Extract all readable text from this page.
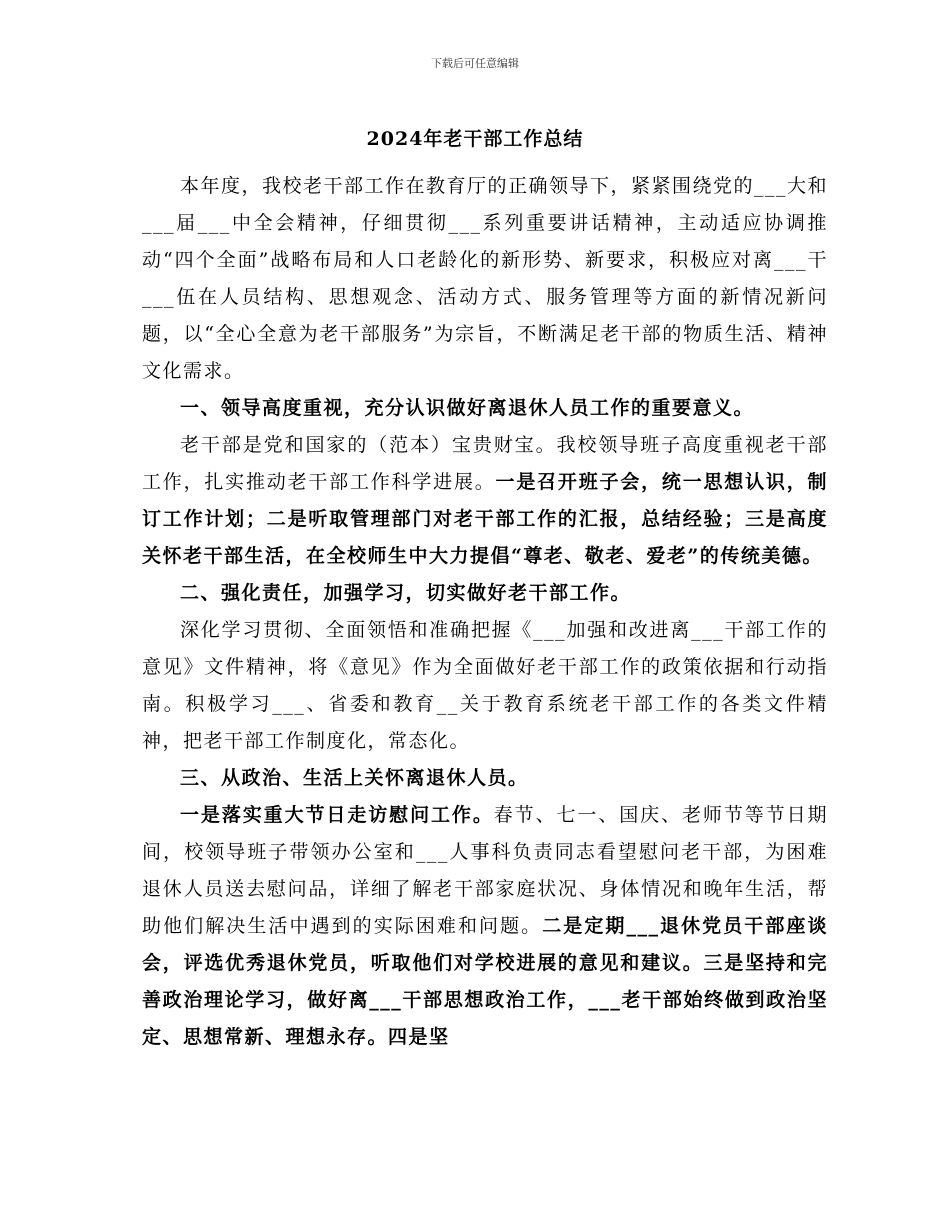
下载后可任意编辑
2024年老干部工作总结

本年度，我校老干部工作在教育厅的正确领导下，紧紧围绕党的___大和___届___中全会精神，仔细贯彻___系列重要讲话精神，主动适应协调推动“四个全面”战略布局和人口老龄化的新形势、新要求，积极应对离___干___伍在人员结构、思想观念、活动方式、服务管理等方面的新情况新问题，以“全心全意为老干部服务”为宗旨，不断满足老干部的物质生活、精神文化需求。

一、领导高度重视，充分认识做好离退休人员工作的重要意义。

老干部是党和国家的（范本）宝贵财宝。我校领导班子高度重视老干部工作，扎实推动老干部工作科学进展。一是召开班子会，统一思想认识，制订工作计划；二是听取管理部门对老干部工作的汇报，总结经验；三是高度关怀老干部生活，在全校师生中大力提倡“尊老、敬老、爱老”的传统美德。

二、强化责任，加强学习，切实做好老干部工作。

深化学习贯彻、全面领悟和准确把握《___加强和改进离___干部工作的意见》文件精神，将《意见》作为全面做好老干部工作的政策依据和行动指南。积极学习___、省委和教育__关于教育系统老干部工作的各类文件精神，把老干部工作制度化，常态化。

三、从政治、生活上关怀离退休人员。

一是落实重大节日走访慰问工作。春节、七一、国庆、老师节等节日期间，校领导班子带领办公室和___人事科负责同志看望慰问老干部，为困难退休人员送去慰问品，详细了解老干部家庭状况、身体情况和晚年生活，帮助他们解决生活中遇到的实际困难和问题。二是定期___退休党员干部座谈会，评选优秀退休党员，听取他们对学校进展的意见和建议。三是坚持和完善政治理论学习，做好离___干部思想政治工作，___老干部始终做到政治坚定、思想常新、理想永存。四是坚
